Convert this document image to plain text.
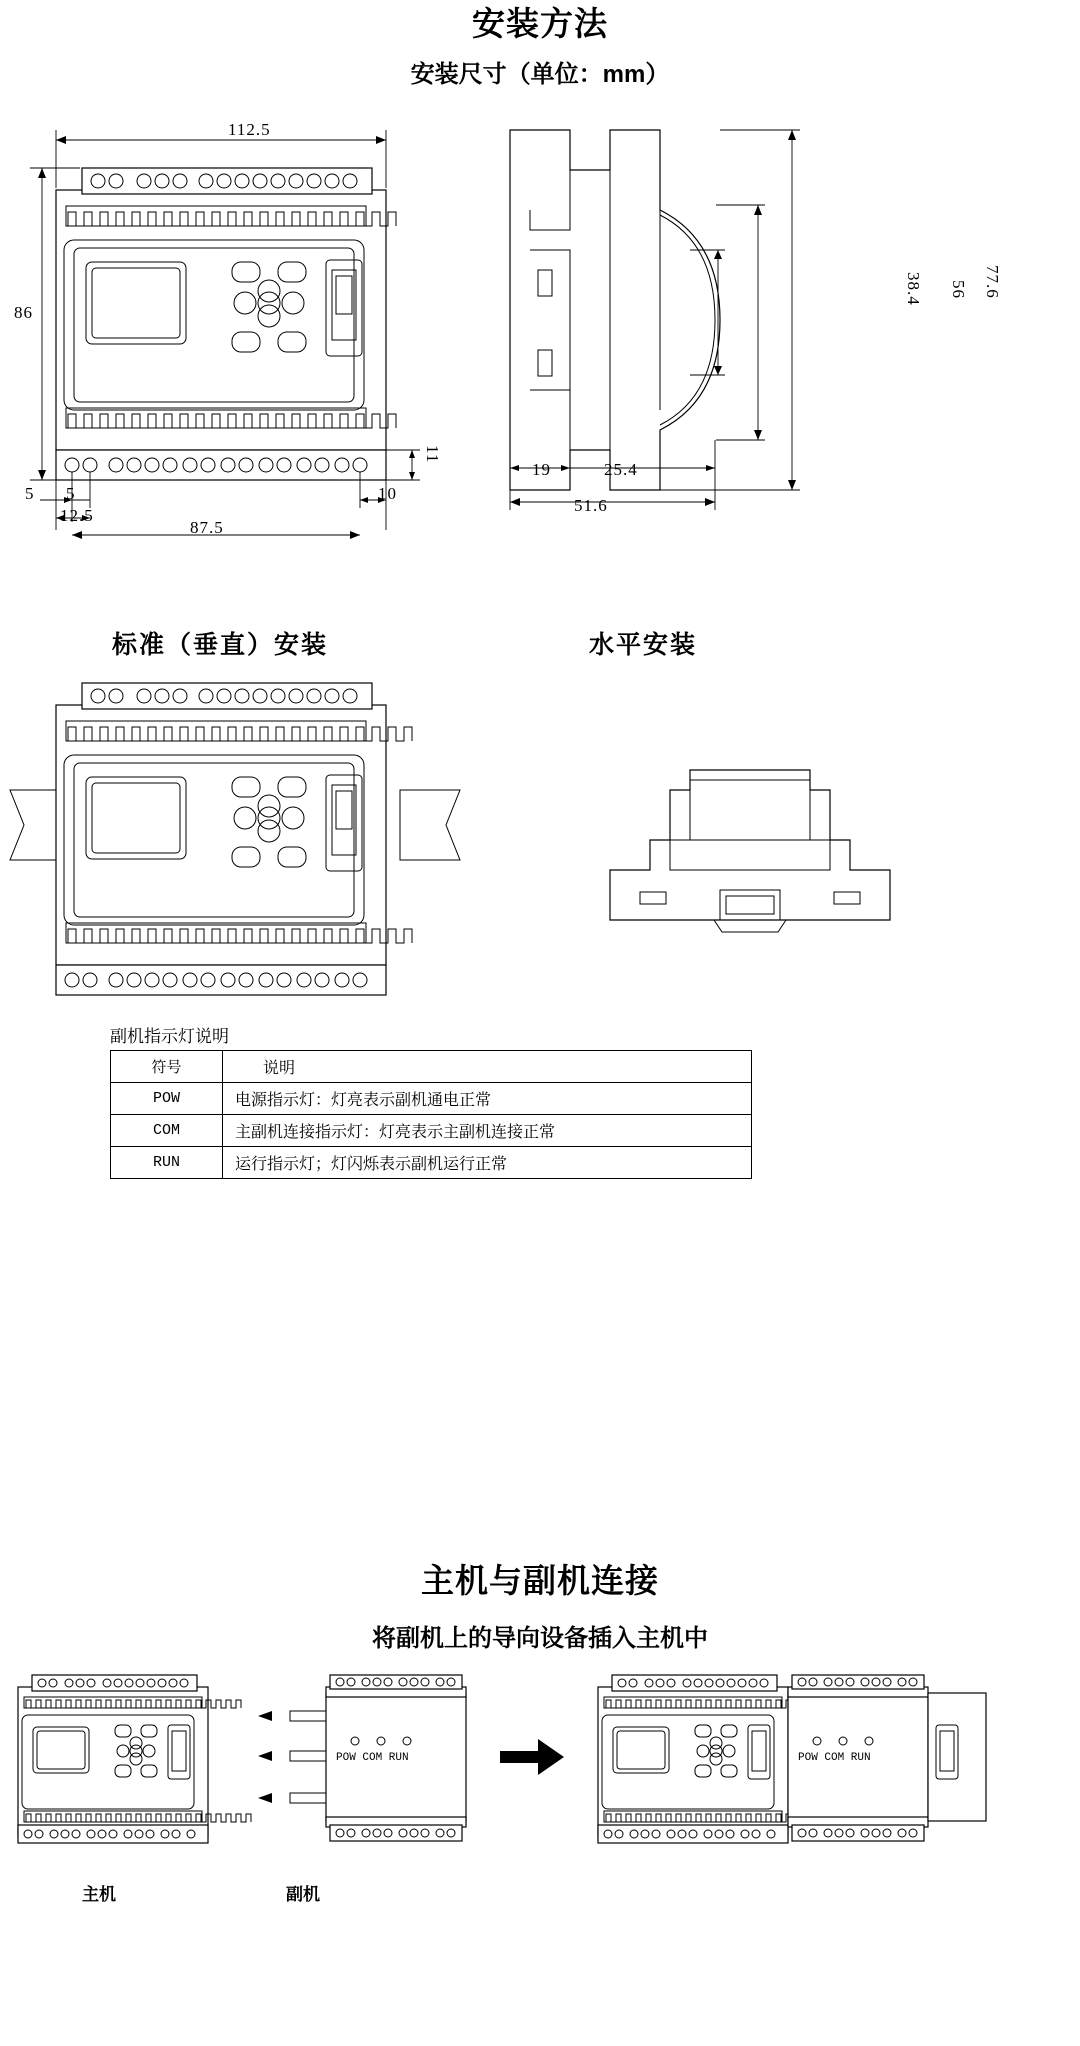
安装方法
安装尺寸（单位：mm）
112.5
86
11
5 5	10
12.5
87.5
38.4 56 77.6
19	25.4
51.6
标准（垂直）安装	水平安装
副机指示灯说明
符号	说明
POW	电源指示灯：灯亮表示副机通电正常
COM	主副机连接指示灯：灯亮表示主副机连接正常
RUN	运行指示灯；灯闪烁表示副机运行正常
主机与副机连接
将副机上的导向设备插入主机中
POW COM RUN	POW COM RUN
主机	副机
